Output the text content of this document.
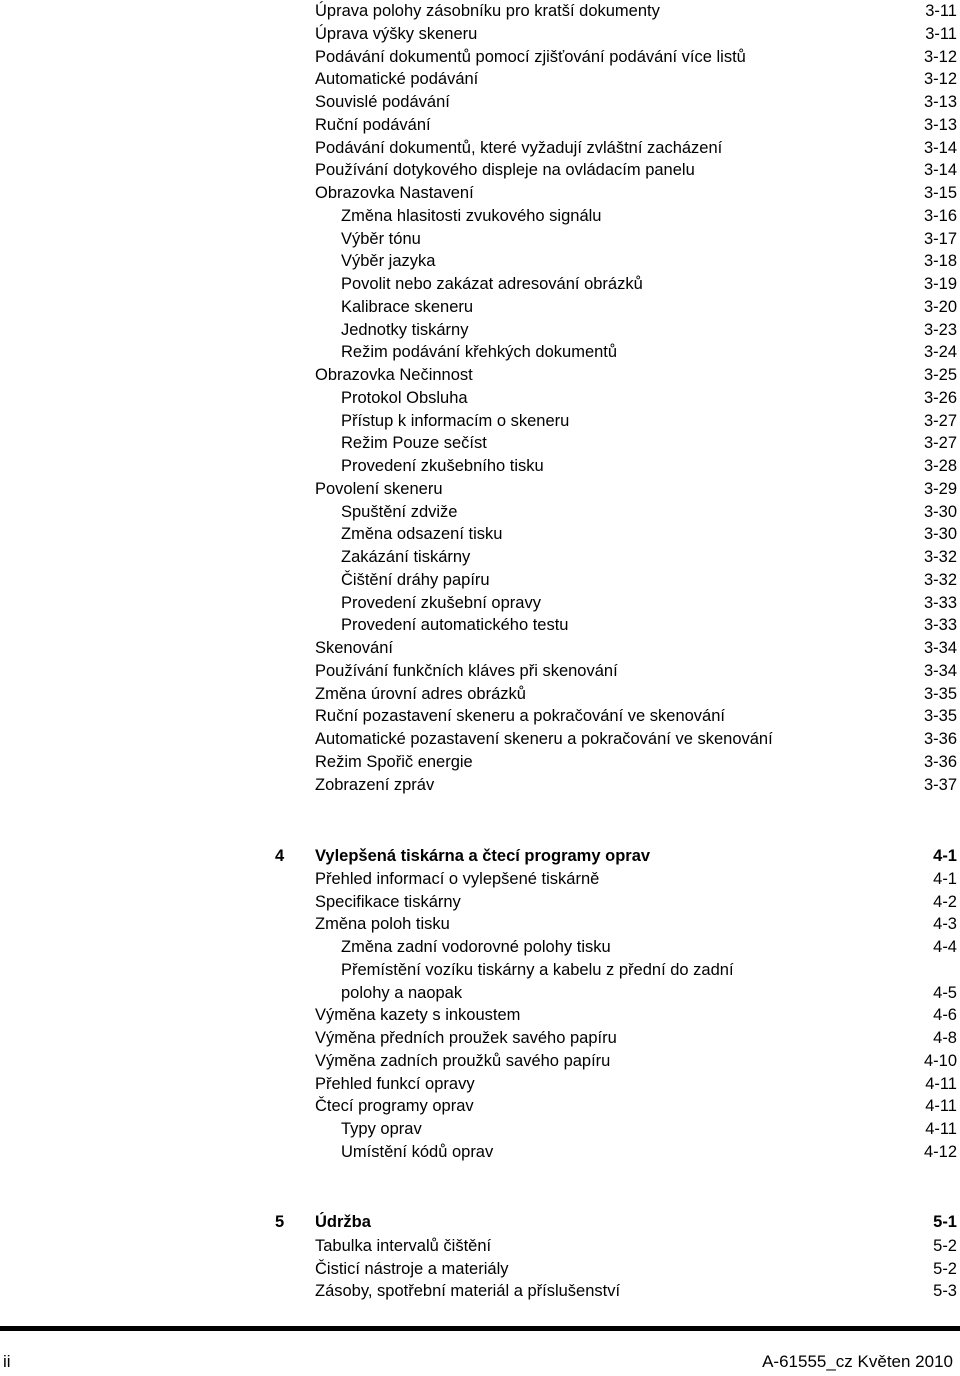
Úprava polohy zásobníku pro kratší dokumenty	3-11
Úprava výšky skeneru	3-11
Podávání dokumentů pomocí zjišťování podávání více listů	3-12
Automatické podávání	3-12
Souvislé podávání	3-13
Ruční podávání	3-13
Podávání dokumentů, které vyžadují zvláštní zacházení	3-14
Používání dotykového displeje na ovládacím panelu	3-14
Obrazovka Nastavení	3-15
Změna hlasitosti zvukového signálu	3-16
Výběr tónu	3-17
Výběr jazyka	3-18
Povolit nebo zakázat adresování obrázků	3-19
Kalibrace skeneru	3-20
Jednotky tiskárny	3-23
Režim podávání křehkých dokumentů	3-24
Obrazovka Nečinnost	3-25
Protokol Obsluha	3-26
Přístup k informacím o skeneru	3-27
Režim Pouze sečíst	3-27
Provedení zkušebního tisku	3-28
Povolení skeneru	3-29
Spuštění zdviže	3-30
Změna odsazení tisku	3-30
Zakázání tiskárny	3-32
Čištění dráhy papíru	3-32
Provedení zkušební opravy	3-33
Provedení automatického testu	3-33
Skenování	3-34
Používání funkčních kláves při skenování	3-34
Změna úrovní adres obrázků	3-35
Ruční pozastavení skeneru a pokračování ve skenování	3-35
Automatické pozastavení skeneru a pokračování ve skenování	3-36
Režim Spořič energie	3-36
Zobrazení zpráv	3-37
4 Vylepšená tiskárna a čtecí programy oprav	4-1
Přehled informací o vylepšené tiskárně	4-1
Specifikace tiskárny	4-2
Změna poloh tisku	4-3
Změna zadní vodorovné polohy tisku	4-4
Přemístění vozíku tiskárny a kabelu z přední do zadní
polohy a naopak	4-5
Výměna kazety s inkoustem	4-6
Výměna předních proužek savého papíru	4-8
Výměna zadních proužků savého papíru	4-10
Přehled funkcí opravy	4-11
Čtecí programy oprav	4-11
Typy oprav	4-11
Umístění kódů oprav	4-12
5 Údržba	5-1
Tabulka intervalů čištění	5-2
Čisticí nástroje a materiály	5-2
Zásoby, spotřební materiál a příslušenství	5-3
ii	A-61555_cz Květen 2010
